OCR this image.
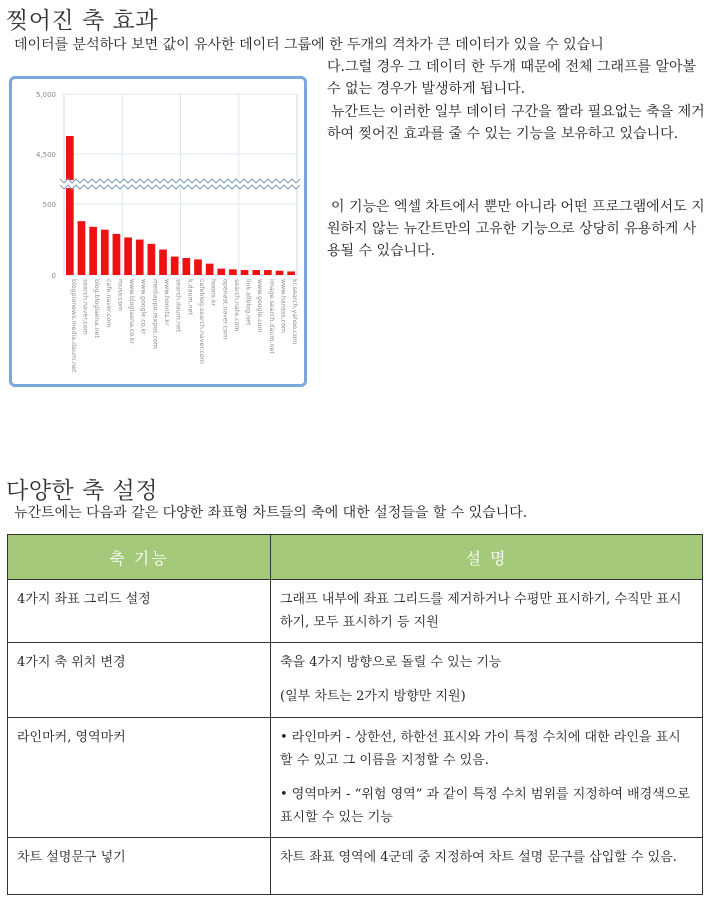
찢어진 축 효과

데이터를 분석하다 보면 값이 유사한 데이터 그룹에 한 두개의 격차가 큰 데이터가 있을 수 있습니

다.그럴 경우 그 데이터 한 두개 때문에 전체 그래프를 알아볼 수 없는 경우가 발생하게 됩니다.

뉴간트는 이러한 일부 데이터 구간을 짤라 필요없는 축을 제거하여 찢어진 효과를 줄 수 있는 기능을 보유하고 있습니다.

이 기능은 엑셀 차트에서 뿐만 아니라 어떤 프로그램에서도 지원하지 않는 뉴간트만의 고유한 기능으로 상당히 유용하게 사용될 수 있습니다.

5,000
4,500
500
0
blogpionews.media.daum.net search.naver.com blog.bloglaena.net cafe.naver.com musiccom www.bloglaena.co.kr www.google.co.kr mediappo.rexpos.com www.hoonts.kr search.daum.net k.daum.net cafeblog.search.naver.com hoons.kr openast.naver.com search.nate.com link.allblog.net www.google.com image.search.daum.net www.hansss.com kr.search.yahoo.com
다양한 축 설정

뉴간트에는 다음과 같은 다양한 좌표형 차트들의 축에 대한 설정들을 할 수 있습니다.

축 기능	설 명

4가지 좌표 그리드 설정	그래프 내부에 좌표 그리드를 제거하거나 수평만 표시하기, 수직만 표시하기, 모두 표시하기 등 지원

4가지 축 위치 변경	축을 4가지 방향으로 돌릴 수 있는 기능

(일부 차트는 2가지 방향만 지원)

라인마커, 영역마커	• 라인마커 - 상한선, 하한선 표시와 가이 특정 수치에 대한 라인을 표시할 수 있고 그 이름을 지정할 수 있음.

• 영역마커 - “위험 영역” 과 같이 특정 수치 범위를 지정하여 배경색으로 표시할 수 있는 기능

차트 설명문구 넣기	차트 좌표 영역에 4군데 중 지정하여 차트 설명 문구를 삽입할 수 있음.
